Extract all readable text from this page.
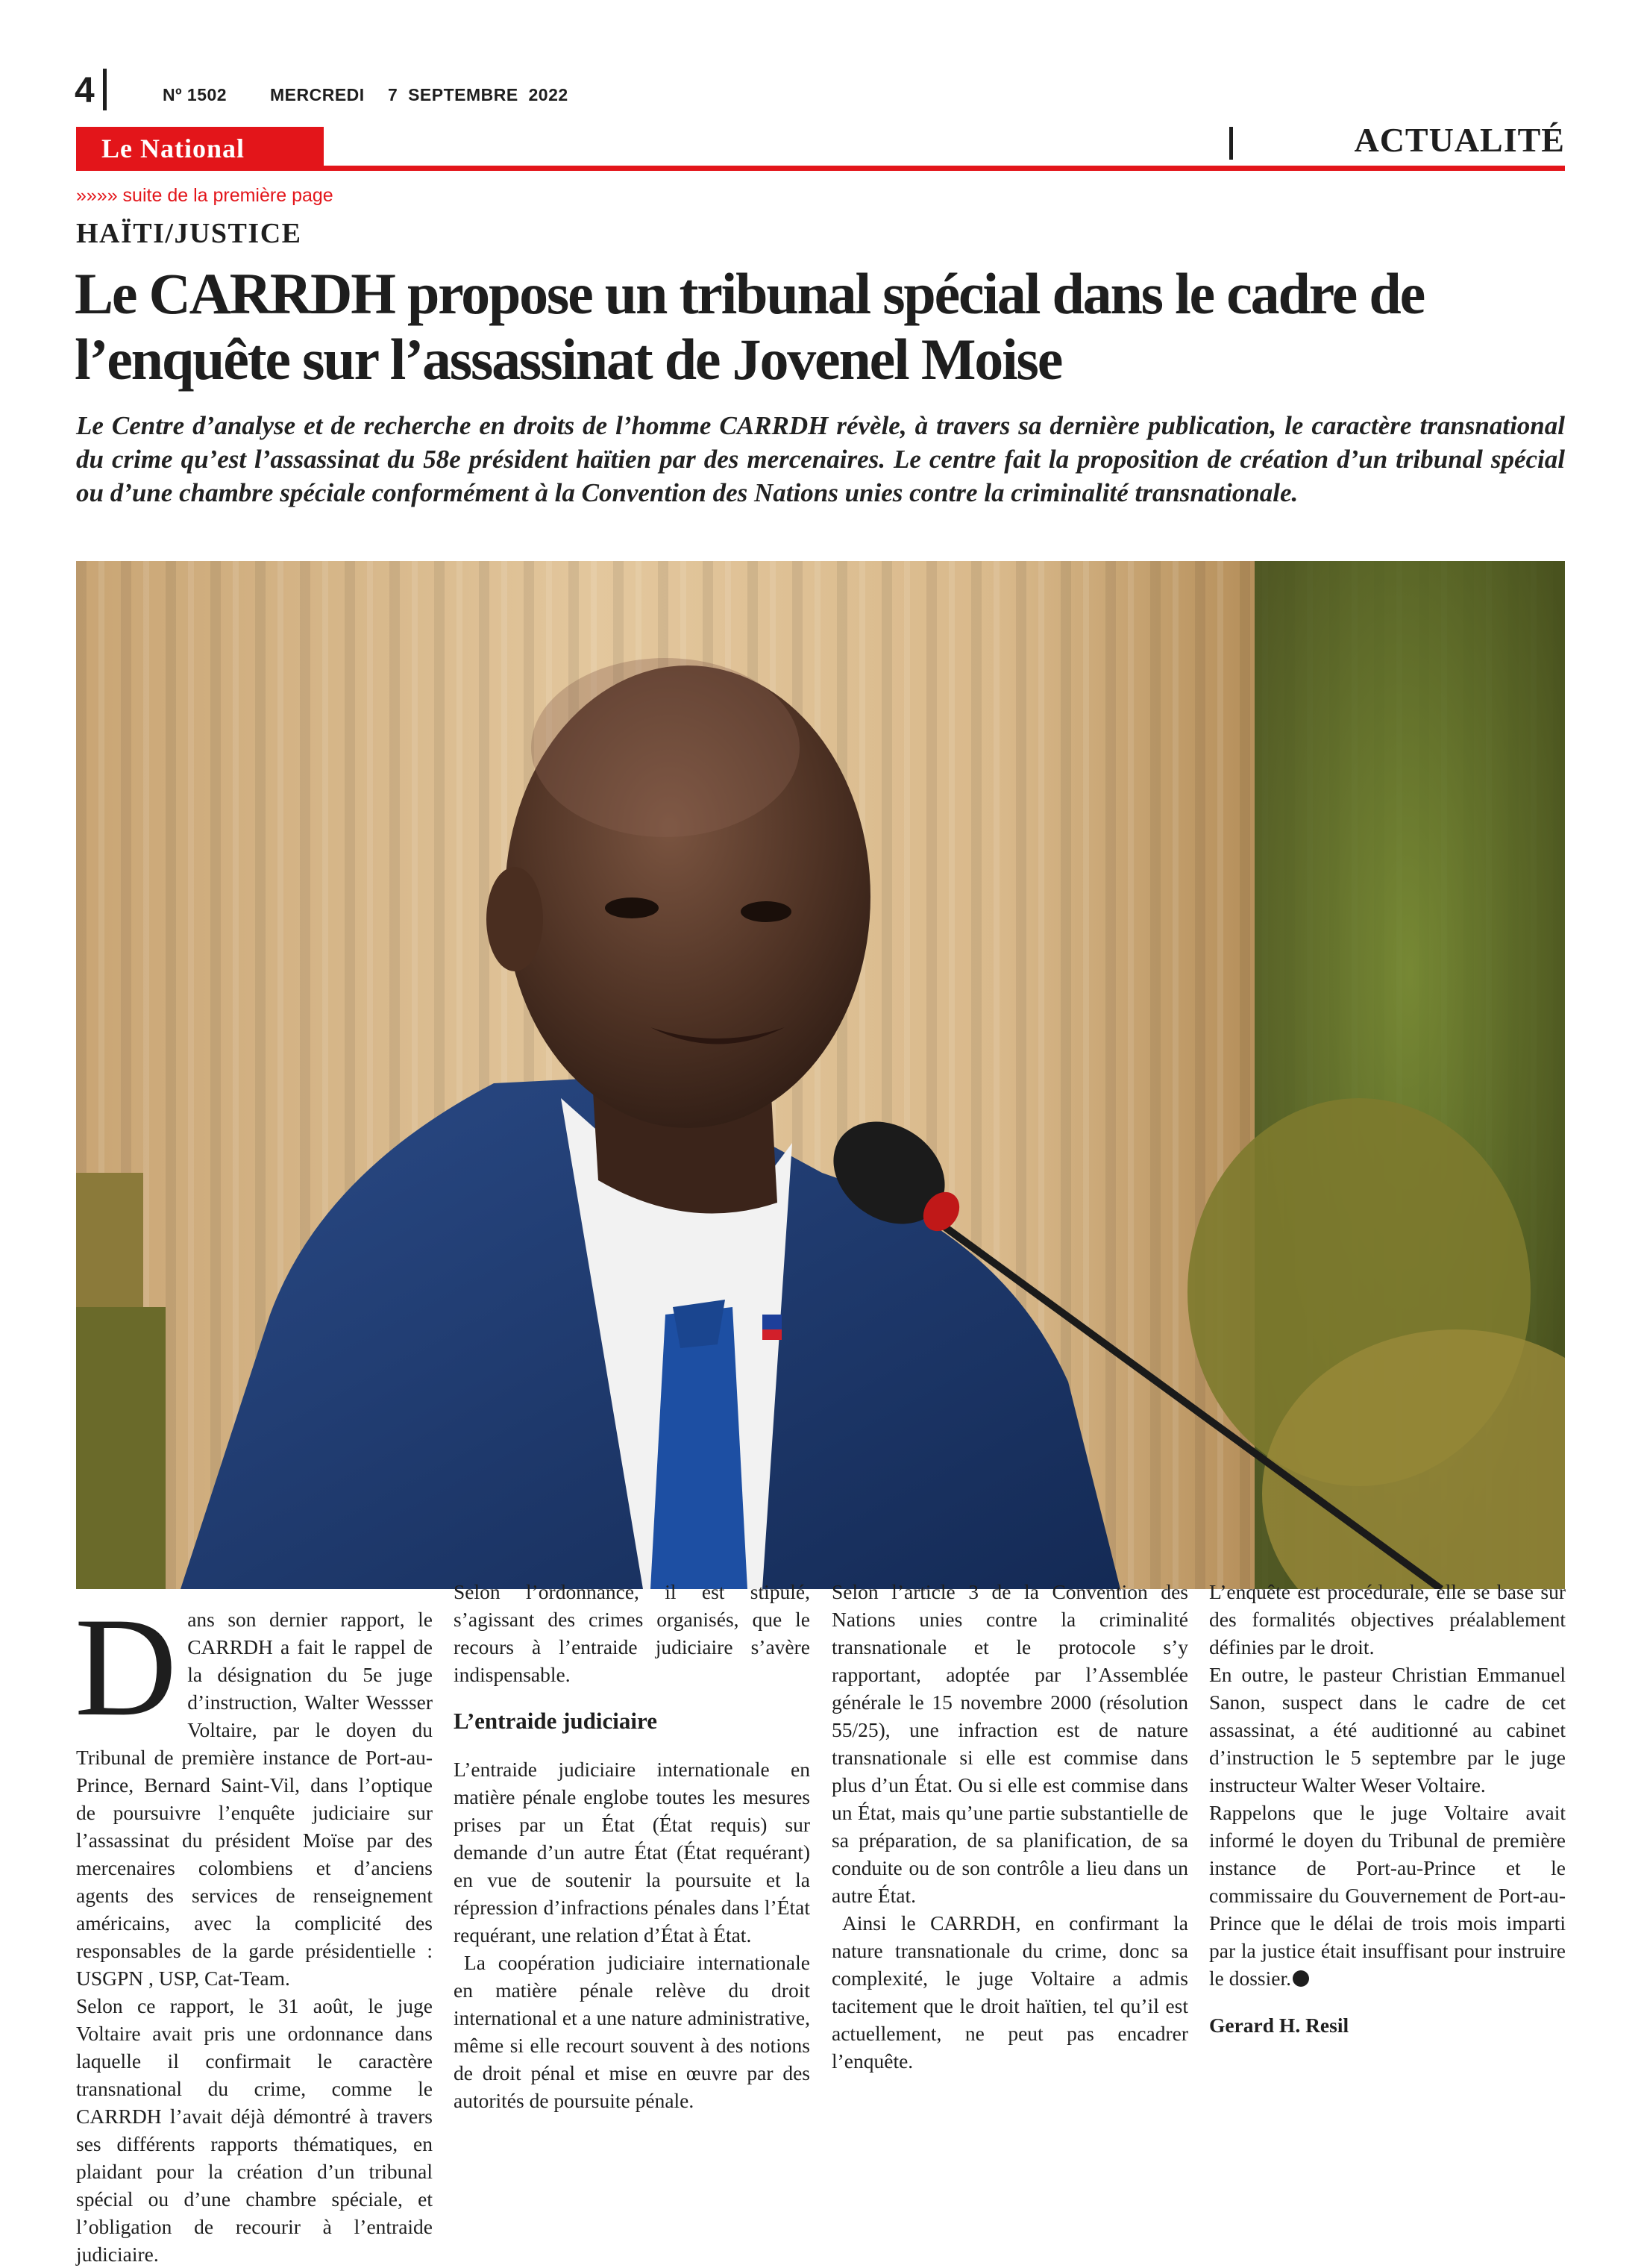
4	Nº 1502	MERCREDI 7  SEPTEMBRE  2022
Le National	ACTUALITÉ
»»»» suite de la première page
HAÏTI/JUSTICE
Le CARRDH propose un tribunal spécial dans le cadre de l’enquête sur l’assassinat de Jovenel Moise

Le Centre d’analyse et de recherche en droits de l’homme CARRDH révèle, à travers sa dernière publication, le caractère transnational du crime qu’est l’assassinat du 58e président haïtien par des mercenaires. Le centre fait la proposition de création d’un tribunal spécial ou d’une chambre spéciale conformément à la Convention des Nations unies contre la criminalité transnationale.

Dans son dernier rapport, le CARRDH a fait le rappel de la désignation du 5e juge d’instruction, Walter Wessser Voltaire, par le doyen du Tribunal de première instance de Port-au-Prince, Bernard Saint-Vil, dans l’optique de poursuivre l’enquête judiciaire sur l’assassinat du président Moïse par des mercenaires colombiens et d’anciens agents des services de renseignement américains, avec la complicité des responsables de la garde présidentielle : USGPN , USP, Cat-Team.

Selon ce rapport, le 31 août, le juge Voltaire avait pris une ordonnance dans laquelle il confirmait le caractère transnational du crime, comme le CARRDH l’avait déjà démontré à travers ses différents rapports thématiques, en plaidant pour la création d’un tribunal spécial ou d’une chambre spéciale, et l’obligation de recourir à l’entraide judiciaire.

Selon l’ordonnance, il est stipulé, s’agissant des crimes organisés, que le recours à l’entraide judiciaire s’avère indispensable.

L’entraide judiciaire

L’entraide judiciaire internationale en matière pénale englobe toutes les mesures prises par un État (État requis) sur demande d’un autre État (État requérant) en vue de soutenir la poursuite et la répression d’infractions pénales dans l’État requérant, une relation d’État à État.

La coopération judiciaire internationale en matière pénale relève du droit international et a une nature administrative, même si elle recourt souvent à des notions de droit pénal et mise en œuvre par des autorités de poursuite pénale.

Selon l’article 3 de la Convention des Nations unies contre la criminalité transnationale et le protocole s’y rapportant, adoptée par l’Assemblée générale le 15 novembre 2000 (résolution 55/25), une infraction est de nature transnationale si elle est commise dans plus d’un État. Ou si elle est commise dans un État, mais qu’une partie substantielle de sa préparation, de sa planification, de sa conduite ou de son contrôle a lieu dans un autre État.

Ainsi le CARRDH, en confirmant la nature transnationale du crime, donc sa complexité, le juge Voltaire a admis tacitement que le droit haïtien, tel qu’il est actuellement, ne peut pas encadrer l’enquête.

L’enquête est procédurale, elle se base sur des formalités objectives préalablement définies par le droit.

En outre, le pasteur Christian Emmanuel Sanon, suspect dans le cadre de cet assassinat, a été auditionné au cabinet d’instruction le 5 septembre par le juge instructeur Walter Weser Voltaire.

Rappelons que le juge Voltaire avait informé le doyen du Tribunal de première instance de Port-au-Prince et le commissaire du Gouvernement de Port-au-Prince que le délai de trois mois imparti par la justice était insuffisant pour instruire le dossier.

Gerard H. Resil
